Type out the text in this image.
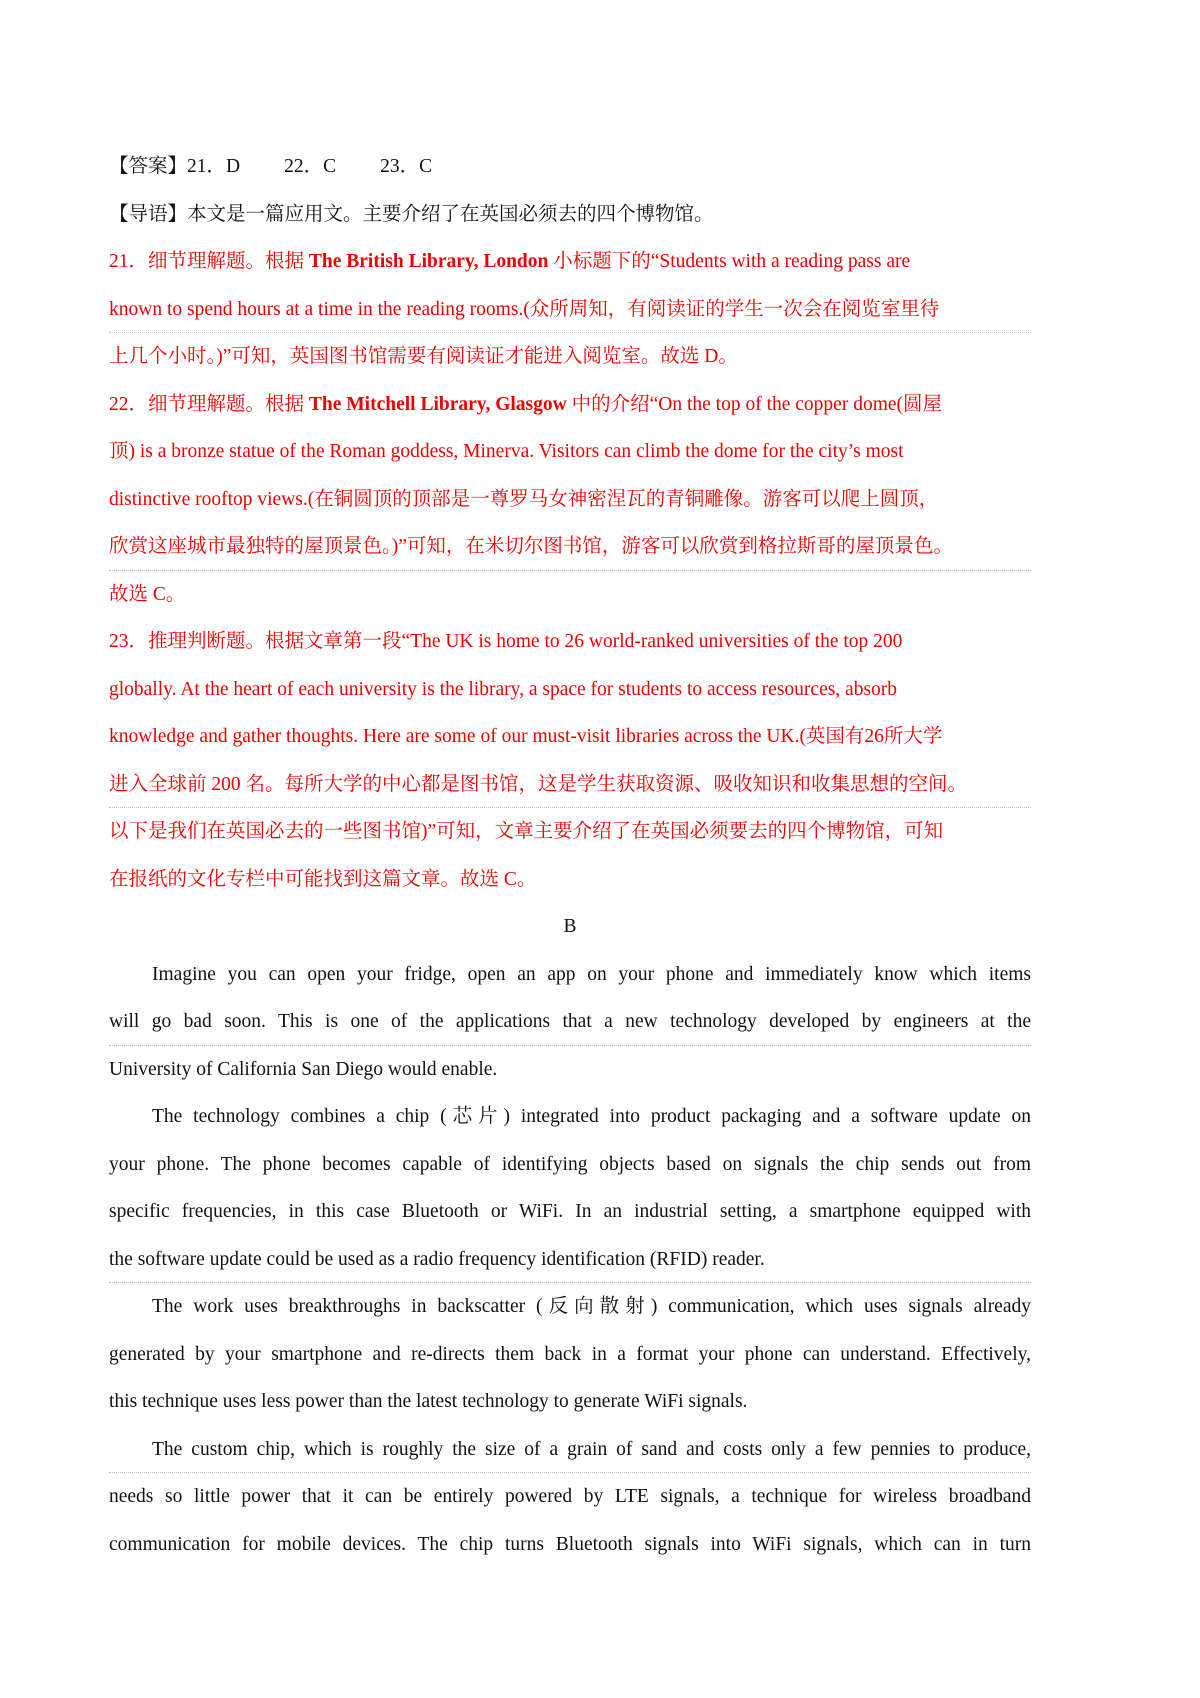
【答案】21．D 22．C 23．C
【导语】本文是一篇应用文。主要介绍了在英国必须去的四个博物馆。
21．细节理解题。根据 The British Library, London 小标题下的“Students with a reading pass are
known to spend hours at a time in the reading rooms.(众所周知，有阅读证的学生一次会在阅览室里待
上几个小时。)”可知，英国图书馆需要有阅读证才能进入阅览室。故选 D。
22．细节理解题。根据 The Mitchell Library, Glasgow 中的介绍“On the top of the copper dome(圆屋
顶) is a bronze statue of the Roman goddess, Minerva. Visitors can climb the dome for the city’s most
distinctive rooftop views.(在铜圆顶的顶部是一尊罗马女神密涅瓦的青铜雕像。游客可以爬上圆顶，
欣赏这座城市最独特的屋顶景色。)”可知，在米切尔图书馆，游客可以欣赏到格拉斯哥的屋顶景色。
故选 C。
23．推理判断题。根据文章第一段“The UK is home to 26 world-ranked universities of the top 200
globally. At the heart of each university is the library, a space for students to access resources, absorb
knowledge and gather thoughts. Here are some of our must-visit libraries across the UK.(英国有26所大学
进入全球前 200 名。每所大学的中心都是图书馆，这是学生获取资源、吸收知识和收集思想的空间。
以下是我们在英国必去的一些图书馆)”可知，文章主要介绍了在英国必须要去的四个博物馆，可知
在报纸的文化专栏中可能找到这篇文章。故选 C。
B
Imagine you can open your fridge, open an app on your phone and immediately know which items
will go bad soon. This is one of the applications that a new technology developed by engineers at the
University of California San Diego would enable.
The technology combines a chip (芯片) integrated into product packaging and a software update on
your phone. The phone becomes capable of identifying objects based on signals the chip sends out from
specific frequencies, in this case Bluetooth or WiFi. In an industrial setting, a smartphone equipped with
the software update could be used as a radio frequency identification (RFID) reader.
The work uses breakthroughs in backscatter (反向散射) communication, which uses signals already
generated by your smartphone and re-directs them back in a format your phone can understand. Effectively,
this technique uses less power than the latest technology to generate WiFi signals.
The custom chip, which is roughly the size of a grain of sand and costs only a few pennies to produce,
needs so little power that it can be entirely powered by LTE signals, a technique for wireless broadband
communication for mobile devices. The chip turns Bluetooth signals into WiFi signals, which can in turn
